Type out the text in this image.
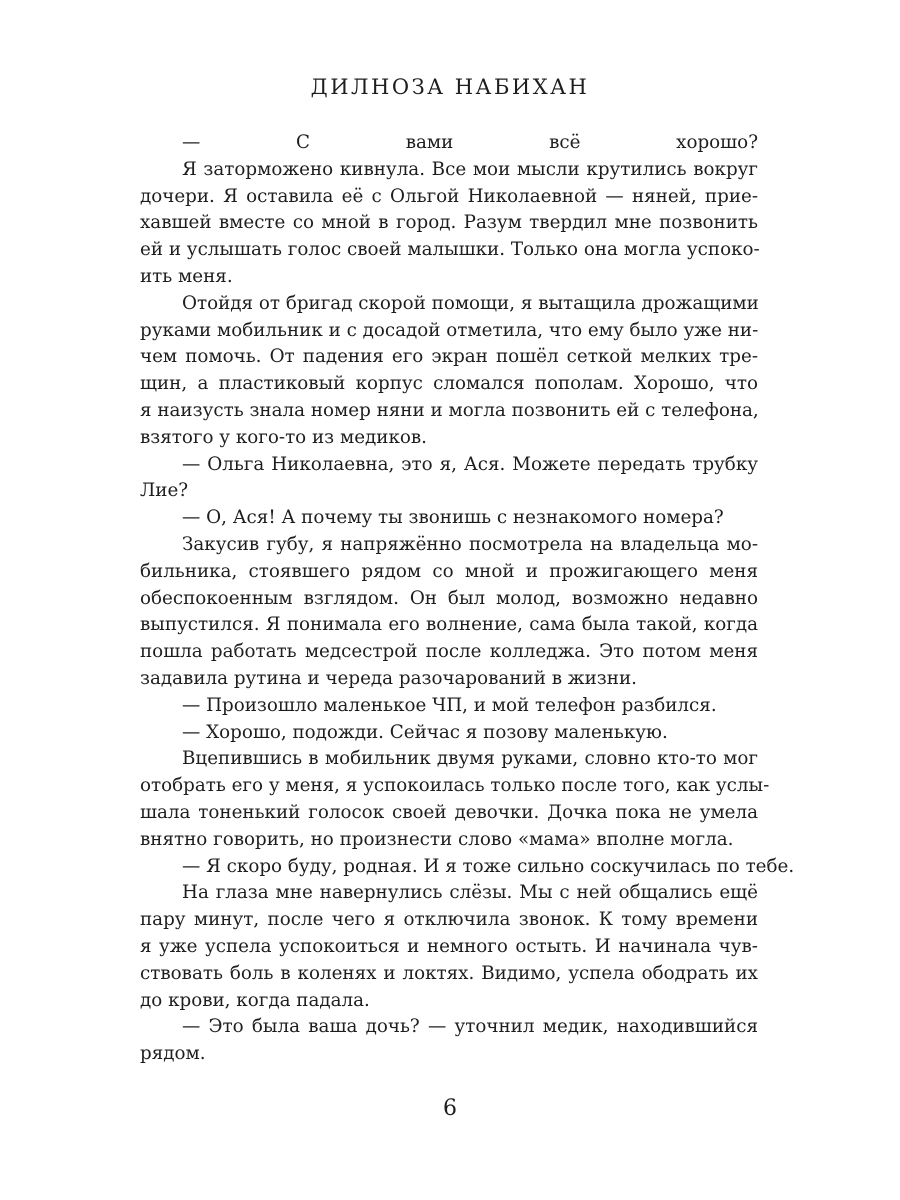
ДИЛНОЗА НАБИХАН
— С вами всё хорошо?
Я заторможено кивнула. Все мои мысли крутились вокруг
дочери. Я оставила её с Ольгой Николаевной — няней, прие-
хавшей вместе со мной в город. Разум твердил мне позвонить
ей и услышать голос своей малышки. Только она могла успоко-
ить меня.
Отойдя от бригад скорой помощи, я вытащила дрожащими
руками мобильник и с досадой отметила, что ему было уже ни-
чем помочь. От падения его экран пошёл сеткой мелких тре-
щин, а пластиковый корпус сломался пополам. Хорошо, что
я наизусть знала номер няни и могла позвонить ей с телефона,
взятого у кого-то из медиков.
— Ольга Николаевна, это я, Ася. Можете передать трубку
Лие?
— О, Ася! А почему ты звонишь с незнакомого номера?
Закусив губу, я напряжённо посмотрела на владельца мо-
бильника, стоявшего рядом со мной и прожигающего меня
обеспокоенным взглядом. Он был молод, возможно недавно
выпустился. Я понимала его волнение, сама была такой, когда
пошла работать медсестрой после колледжа. Это потом меня
задавила рутина и череда разочарований в жизни.
— Произошло маленькое ЧП, и мой телефон разбился.
— Хорошо, подожди. Сейчас я позову маленькую.
Вцепившись в мобильник двумя руками, словно кто-то мог
отобрать его у меня, я успокоилась только после того, как услы-
шала тоненький голосок своей девочки. Дочка пока не умела
внятно говорить, но произнести слово «мама» вполне могла.
— Я скоро буду, родная. И я тоже сильно соскучилась по тебе.
На глаза мне навернулись слёзы. Мы с ней общались ещё
пару минут, после чего я отключила звонок. К тому времени
я уже успела успокоиться и немного остыть. И начинала чув-
ствовать боль в коленях и локтях. Видимо, успела ободрать их
до крови, когда падала.
— Это была ваша дочь? — уточнил медик, находившийся
рядом.
6
